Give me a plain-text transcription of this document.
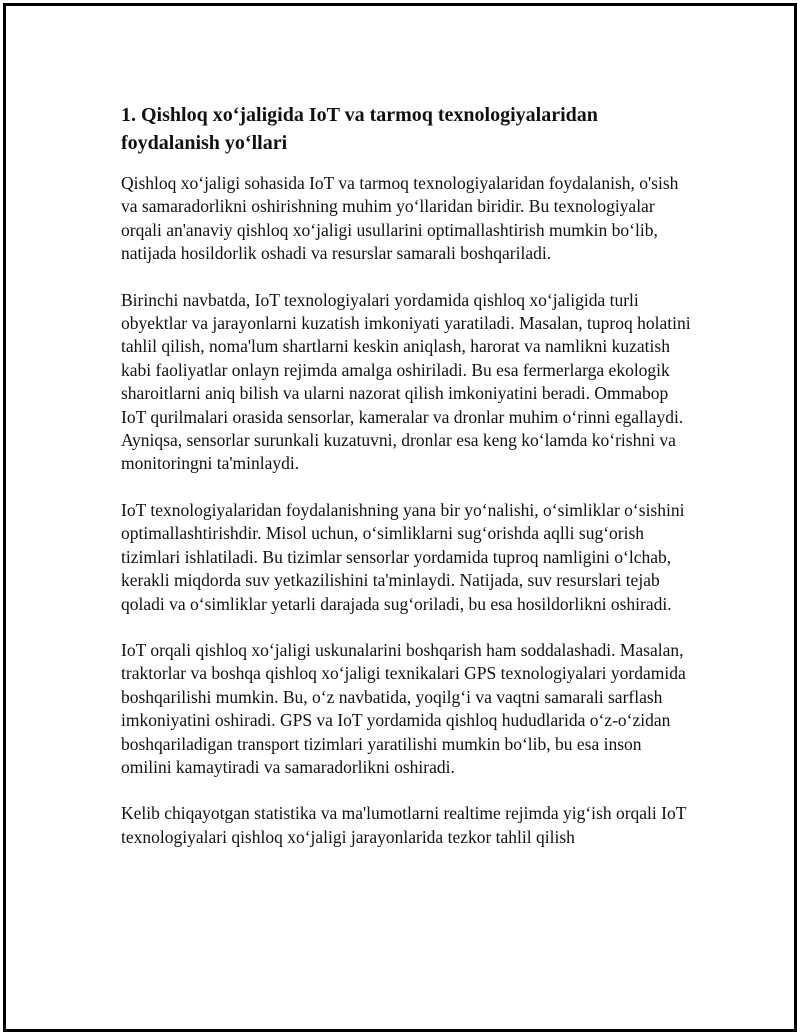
1. Qishloq xo‘jaligida IoT va tarmoq texnologiyalaridan foydalanish yo‘llari

Qishloq xo‘jaligi sohasida IoT va tarmoq texnologiyalaridan foydalanish, o'sish va samaradorlikni oshirishning muhim yo‘llaridan biridir. Bu texnologiyalar orqali an'anaviy qishloq xo‘jaligi usullarini optimallashtirish mumkin bo‘lib, natijada hosildorlik oshadi va resurslar samarali boshqariladi.

Birinchi navbatda, IoT texnologiyalari yordamida qishloq xo‘jaligida turli obyektlar va jarayonlarni kuzatish imkoniyati yaratiladi. Masalan, tuproq holatini tahlil qilish, noma'lum shartlarni keskin aniqlash, harorat va namlikni kuzatish kabi faoliyatlar onlayn rejimda amalga oshiriladi. Bu esa fermerlarga ekologik sharoitlarni aniq bilish va ularni nazorat qilish imkoniyatini beradi. Ommabop IoT qurilmalari orasida sensorlar, kameralar va dronlar muhim o‘rinni egallaydi. Ayniqsa, sensorlar surunkali kuzatuvni, dronlar esa keng ko‘lamda ko‘rishni va monitoringni ta'minlaydi.

IoT texnologiyalaridan foydalanishning yana bir yo‘nalishi, o‘simliklar o‘sishini optimallashtirishdir. Misol uchun, o‘simliklarni sug‘orishda aqlli sug‘orish tizimlari ishlatiladi. Bu tizimlar sensorlar yordamida tuproq namligini o‘lchab, kerakli miqdorda suv yetkazilishini ta'minlaydi. Natijada, suv resurslari tejab qoladi va o‘simliklar yetarli darajada sug‘oriladi, bu esa hosildorlikni oshiradi.

IoT orqali qishloq xo‘jaligi uskunalarini boshqarish ham soddalashadi. Masalan, traktorlar va boshqa qishloq xo‘jaligi texnikalari GPS texnologiyalari yordamida boshqarilishi mumkin. Bu, o‘z navbatida, yoqilg‘i va vaqtni samarali sarflash imkoniyatini oshiradi. GPS va IoT yordamida qishloq hududlarida o‘z-o‘zidan boshqariladigan transport tizimlari yaratilishi mumkin bo‘lib, bu esa inson omilini kamaytiradi va samaradorlikni oshiradi.

Kelib chiqayotgan statistika va ma'lumotlarni realtime rejimda yig‘ish orqali IoT texnologiyalari qishloq xo‘jaligi jarayonlarida tezkor tahlil qilish
